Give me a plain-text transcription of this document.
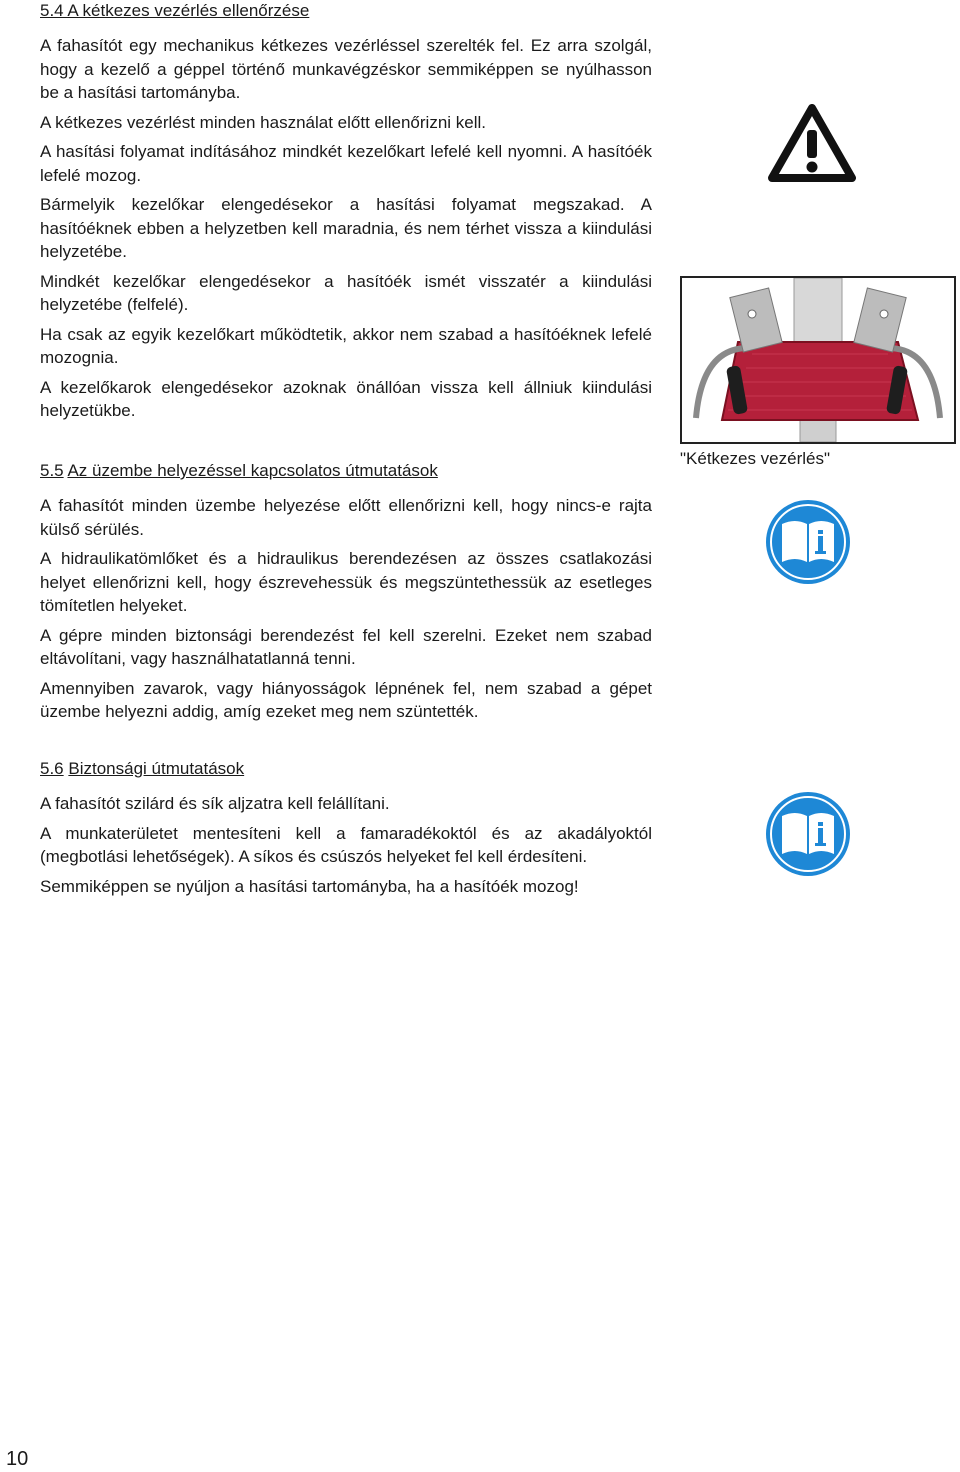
5.4 A kétkezes vezérlés ellenőrzése

A fahasítót egy mechanikus kétkezes vezérléssel szerelték fel. Ez arra szolgál, hogy a kezelő a géppel történő munkavégzéskor semmiképpen se nyúlhasson be a hasítási tartományba.

A kétkezes vezérlést minden használat előtt ellenőrizni kell.

A hasítási folyamat indításához mindkét kezelőkart lefelé kell nyomni. A hasítóék lefelé mozog.

Bármelyik kezelőkar elengedésekor a hasítási folyamat megszakad. A hasítóéknek ebben a helyzetben kell maradnia, és nem térhet vissza a kiindulási helyzetébe.

Mindkét kezelőkar elengedésekor a hasítóék ismét visszatér a kiindulási helyzetébe (felfelé).

Ha csak az egyik kezelőkart működtetik, akkor nem szabad a hasítóéknek lefelé mozognia.

A kezelőkarok elengedésekor azoknak önállóan vissza kell állniuk kiindulási helyzetükbe.

5.5 Az üzembe helyezéssel kapcsolatos útmutatások

A fahasítót minden üzembe helyezése előtt ellenőrizni kell, hogy nincs-e rajta külső sérülés.

A hidraulikatömlőket és a hidraulikus berendezésen az összes csatlakozási helyet ellenőrizni kell, hogy észrevehessük és megszüntethessük az esetleges tömítetlen helyeket.

A gépre minden biztonsági berendezést fel kell szerelni. Ezeket nem szabad eltávolítani, vagy használhatatlanná tenni.

Amennyiben zavarok, vagy hiányosságok lépnének fel, nem szabad a gépet üzembe helyezni addig, amíg ezeket meg nem szüntették.

5.6 Biztonsági útmutatások

A fahasítót szilárd és sík aljzatra kell felállítani.

A munkaterületet mentesíteni kell a famaradékoktól és az akadályoktól (megbotlási lehetőségek). A síkos és csúszós helyeket fel kell érdesíteni.

Semmiképpen se nyúljon a hasítási tartományba, ha a hasítóék mozog!

"Kétkezes vezérlés"
10
